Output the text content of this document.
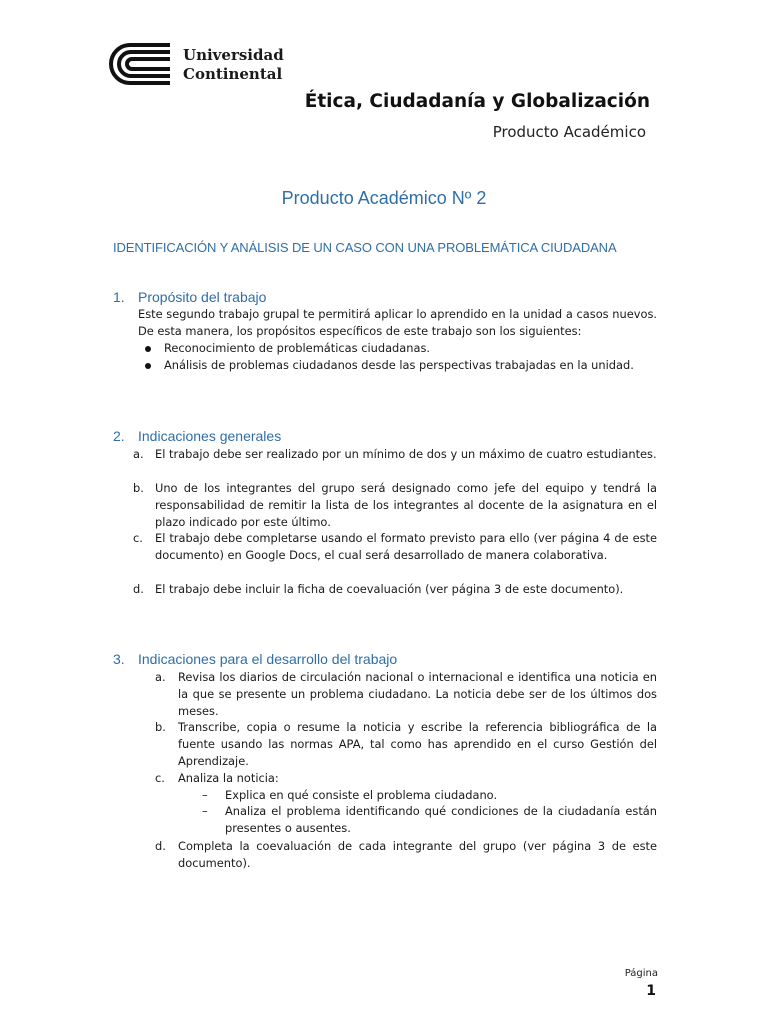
Universidad
Continental
Ética, Ciudadanía y Globalización
Producto Académico
Producto Académico Nº 2
IDENTIFICACIÓN Y ANÁLISIS DE UN CASO CON UNA PROBLEMÁTICA CIUDADANA
1. Propósito del trabajo
Este segundo trabajo grupal te permitirá aplicar lo aprendido en la unidad a casos nuevos. De esta manera, los propósitos específicos de este trabajo son los siguientes:
Reconocimiento de problemáticas ciudadanas.
Análisis de problemas ciudadanos desde las perspectivas trabajadas en la unidad.
2. Indicaciones generales
a. El trabajo debe ser realizado por un mínimo de dos y un máximo de cuatro estudiantes.
b. Uno de los integrantes del grupo será designado como jefe del equipo y tendrá la responsabilidad de remitir la lista de los integrantes al docente de la asignatura en el plazo indicado por este último.
c. El trabajo debe completarse usando el formato previsto para ello (ver página 4 de este documento) en Google Docs, el cual será desarrollado de manera colaborativa.
d. El trabajo debe incluir la ficha de coevaluación (ver página 3 de este documento).
3. Indicaciones para el desarrollo del trabajo
a. Revisa los diarios de circulación nacional o internacional e identifica una noticia en la que se presente un problema ciudadano. La noticia debe ser de los últimos dos meses.
b. Transcribe, copia o resume la noticia y escribe la referencia bibliográfica de la fuente usando las normas APA, tal como has aprendido en el curso Gestión del Aprendizaje.
c. Analiza la noticia:
– Explica en qué consiste el problema ciudadano.
– Analiza el problema identificando qué condiciones de la ciudadanía están presentes o ausentes.
d. Completa la coevaluación de cada integrante del grupo (ver página 3 de este documento).
Página
1
